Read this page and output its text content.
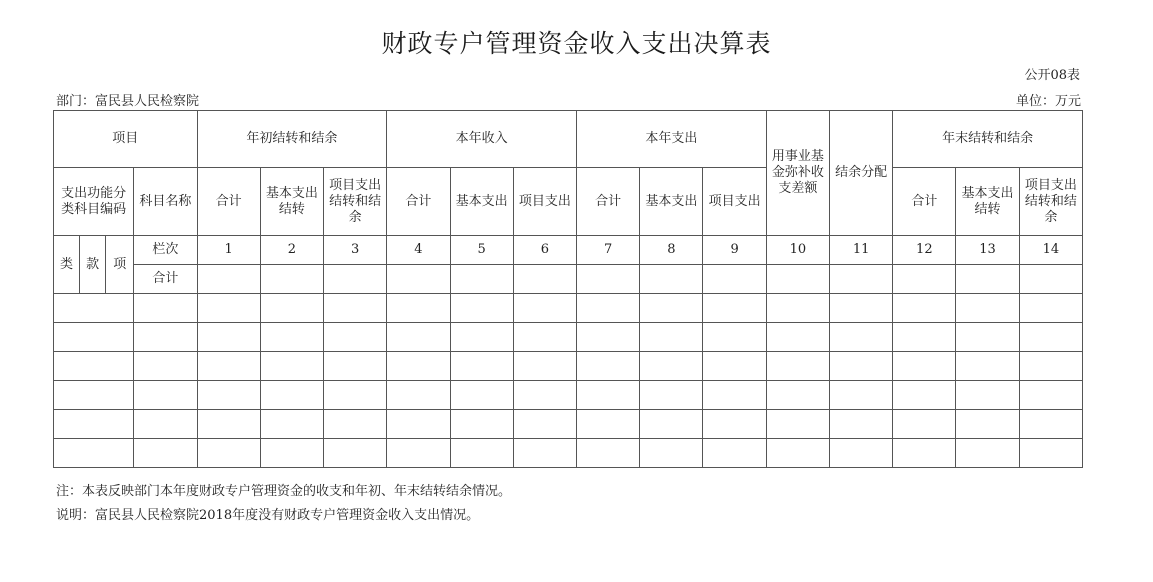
财政专户管理资金收入支出决算表
公开08表
部门：富民县人民检察院	单位：万元
项目				年初结转和结余			本年收入			本年支出			用事业基金弥补收支差额	结余分配	年末结转和结余		
支出功能分类科目编码			科目名称	合计	基本支出结转	项目支出结转和结余	合计	基本支出	项目支出	合计	基本支出	项目支出			合计	基本支出结转	项目支出结转和结余
类	款	项	栏次	1	2	3	4	5	6	7	8	9	10	11	12	13	14
			合计														

注：本表反映部门本年度财政专户管理资金的收支和年初、年末结转结余情况。
说明：富民县人民检察院2018年度没有财政专户管理资金收入支出情况。
